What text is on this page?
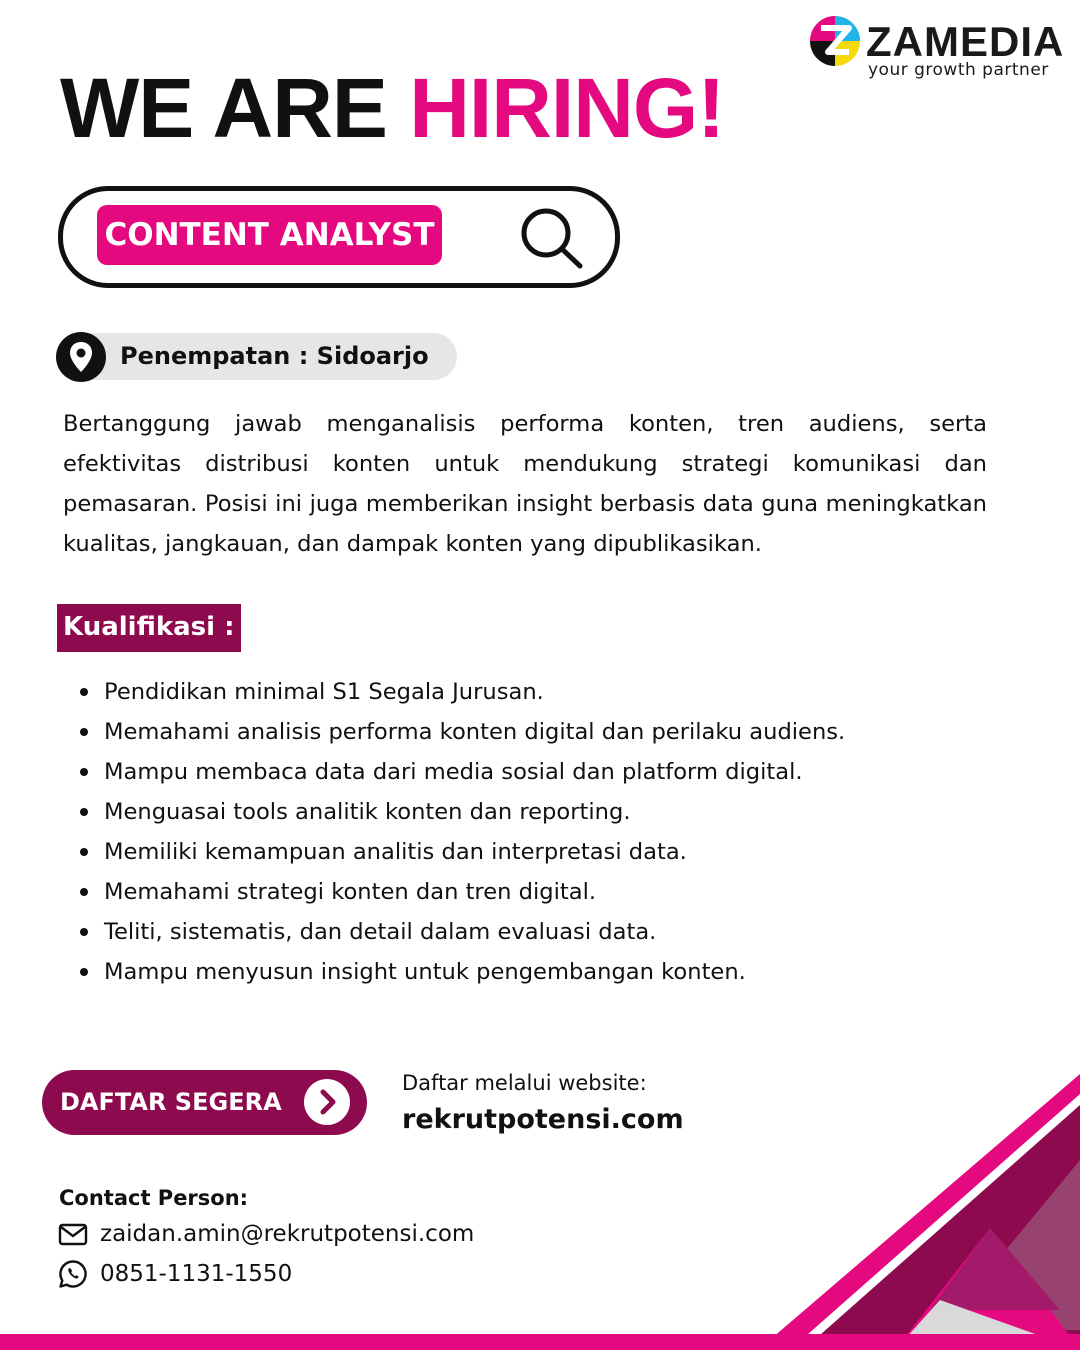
ZAMEDIA
your growth partner
WE ARE HIRING!
CONTENT ANALYST
Penempatan : Sidoarjo
Bertanggung jawab menganalisis performa konten, tren audiens, serta efektivitas distribusi konten untuk mendukung strategi komunikasi dan pemasaran. Posisi ini juga memberikan insight berbasis data guna meningkatkan kualitas, jangkauan, dan dampak konten yang dipublikasikan.
Kualifikasi :
Pendidikan minimal S1 Segala Jurusan.
Memahami analisis performa konten digital dan perilaku audiens.
Mampu membaca data dari media sosial dan platform digital.
Menguasai tools analitik konten dan reporting.
Memiliki kemampuan analitis dan interpretasi data.
Memahami strategi konten dan tren digital.
Teliti, sistematis, dan detail dalam evaluasi data.
Mampu menyusun insight untuk pengembangan konten.
DAFTAR SEGERA
Daftar melalui website:
rekrutpotensi.com
Contact Person:
zaidan.amin@rekrutpotensi.com
0851-1131-1550
